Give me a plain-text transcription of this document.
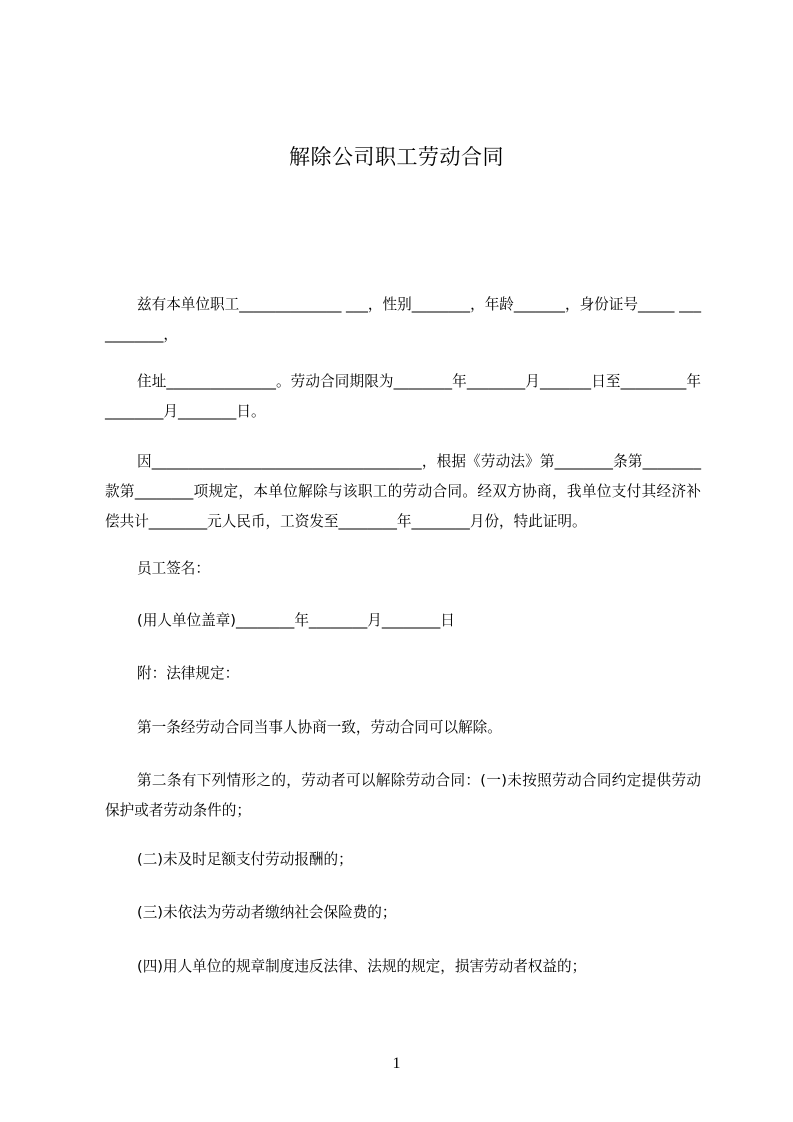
解除公司职工劳动合同

兹有本单位职工______________ ___，性别________，年龄_______，身份证号_____ ___________，

住址_______________。劳动合同期限为________年________月_______日至_________年________月________日。

因_____________________________________，根据《劳动法》第________条第________款第________项规定，本单位解除与该职工的劳动合同。经双方协商，我单位支付其经济补偿共计________元人民币，工资发至________年________月份，特此证明。

员工签名：

(用人单位盖章)________年________月________日

附：法律规定：

第一条经劳动合同当事人协商一致，劳动合同可以解除。

第二条有下列情形之的，劳动者可以解除劳动合同：(一)未按照劳动合同约定提供劳动保护或者劳动条件的；

(二)未及时足额支付劳动报酬的；

(三)未依法为劳动者缴纳社会保险费的；

(四)用人单位的规章制度违反法律、法规的规定，损害劳动者权益的；

1
